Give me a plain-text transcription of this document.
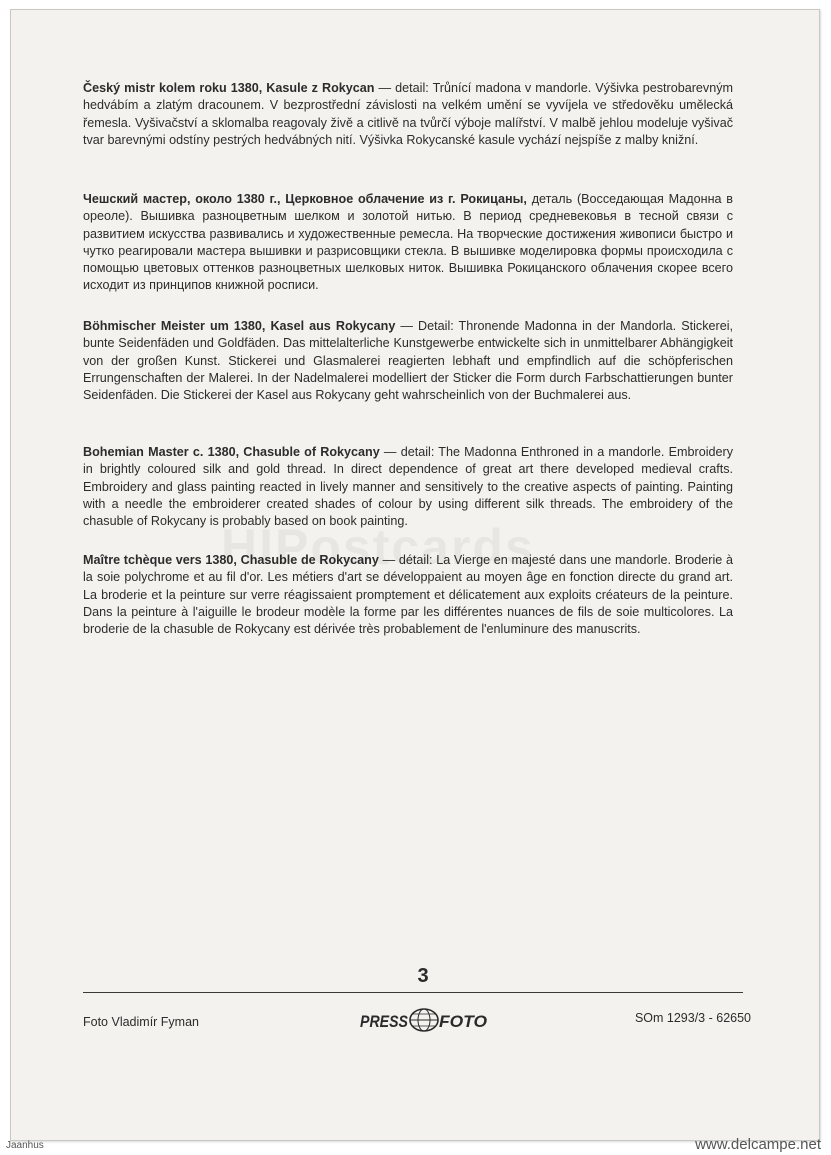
Český mistr kolem roku 1380, Kasule z Rokycan — detail: Trůnící madona v mandorle. Výšivka pestrobarevným hedvábím a zlatým dracounem. V bezprostřední závislosti na velkém umění se vyvíjela ve středověku umělecká řemesla. Vyšivačství a sklomalba reagovaly živě a citlivě na tvůrčí výboje malířství. V malbě jehlou modeluje vyšivač tvar barevnými odstíny pestrých hedvábných nití. Výšivka Rokycanské kasule vychází nejspíše z malby knižní.
Чешский мастер, около 1380 г., Церковное облачение из г. Рокицаны, деталь (Восседающая Мадонна в ореоле). Вышивка разноцветным шелком и золотой нитью. В период средневековья в тесной связи с развитием искусства развивались и художественные ремесла. На творческие достижения живописи быстро и чутко реагировали мастера вышивки и разрисовщики стекла. В вышивке моделировка формы происходила с помощью цветовых оттенков разноцветных шелковых ниток. Вышивка Рокицанского облачения скорее всего исходит из принципов книжной росписи.
Böhmischer Meister um 1380, Kasel aus Rokycany — Detail: Thronende Madonna in der Mandorla. Stickerei, bunte Seidenfäden und Goldfäden. Das mittelalterliche Kunstgewerbe entwickelte sich in unmittelbarer Abhängigkeit von der großen Kunst. Stickerei und Glasmalerei reagierten lebhaft und empfindlich auf die schöpferischen Errungenschaften der Malerei. In der Nadelmalerei modelliert der Sticker die Form durch Farbschattierungen bunter Seidenfäden. Die Stickerei der Kasel aus Rokycany geht wahrscheinlich von der Buchmalerei aus.
Bohemian Master c. 1380, Chasuble of Rokycany — detail: The Madonna Enthroned in a mandorle. Embroidery in brightly coloured silk and gold thread. In direct dependence of great art there developed medieval crafts. Embroidery and glass painting reacted in lively manner and sensitively to the creative aspects of painting. Painting with a needle the embroiderer created shades of colour by using different silk threads. The embroidery of the chasuble of Rokycany is probably based on book painting.
Maître tchèque vers 1380, Chasuble de Rokycany — détail: La Vierge en majesté dans une mandorle. Broderie à la soie polychrome et au fil d'or. Les métiers d'art se développaient au moyen âge en fonction directe du grand art. La broderie et la peinture sur verre réagissaient promptement et délicatement aux exploits créateurs de la peinture. Dans la peinture à l'aiguille le brodeur modèle la forme par les différentes nuances de fils de soie multicolores. La broderie de la chasuble de Rokycany est dérivée très probablement de l'enluminure des manuscrits.
3
Foto Vladimír Fyman	PRESS FOTO	SOm 1293/3 - 62650
Jaanhus	www.delcampe.net
